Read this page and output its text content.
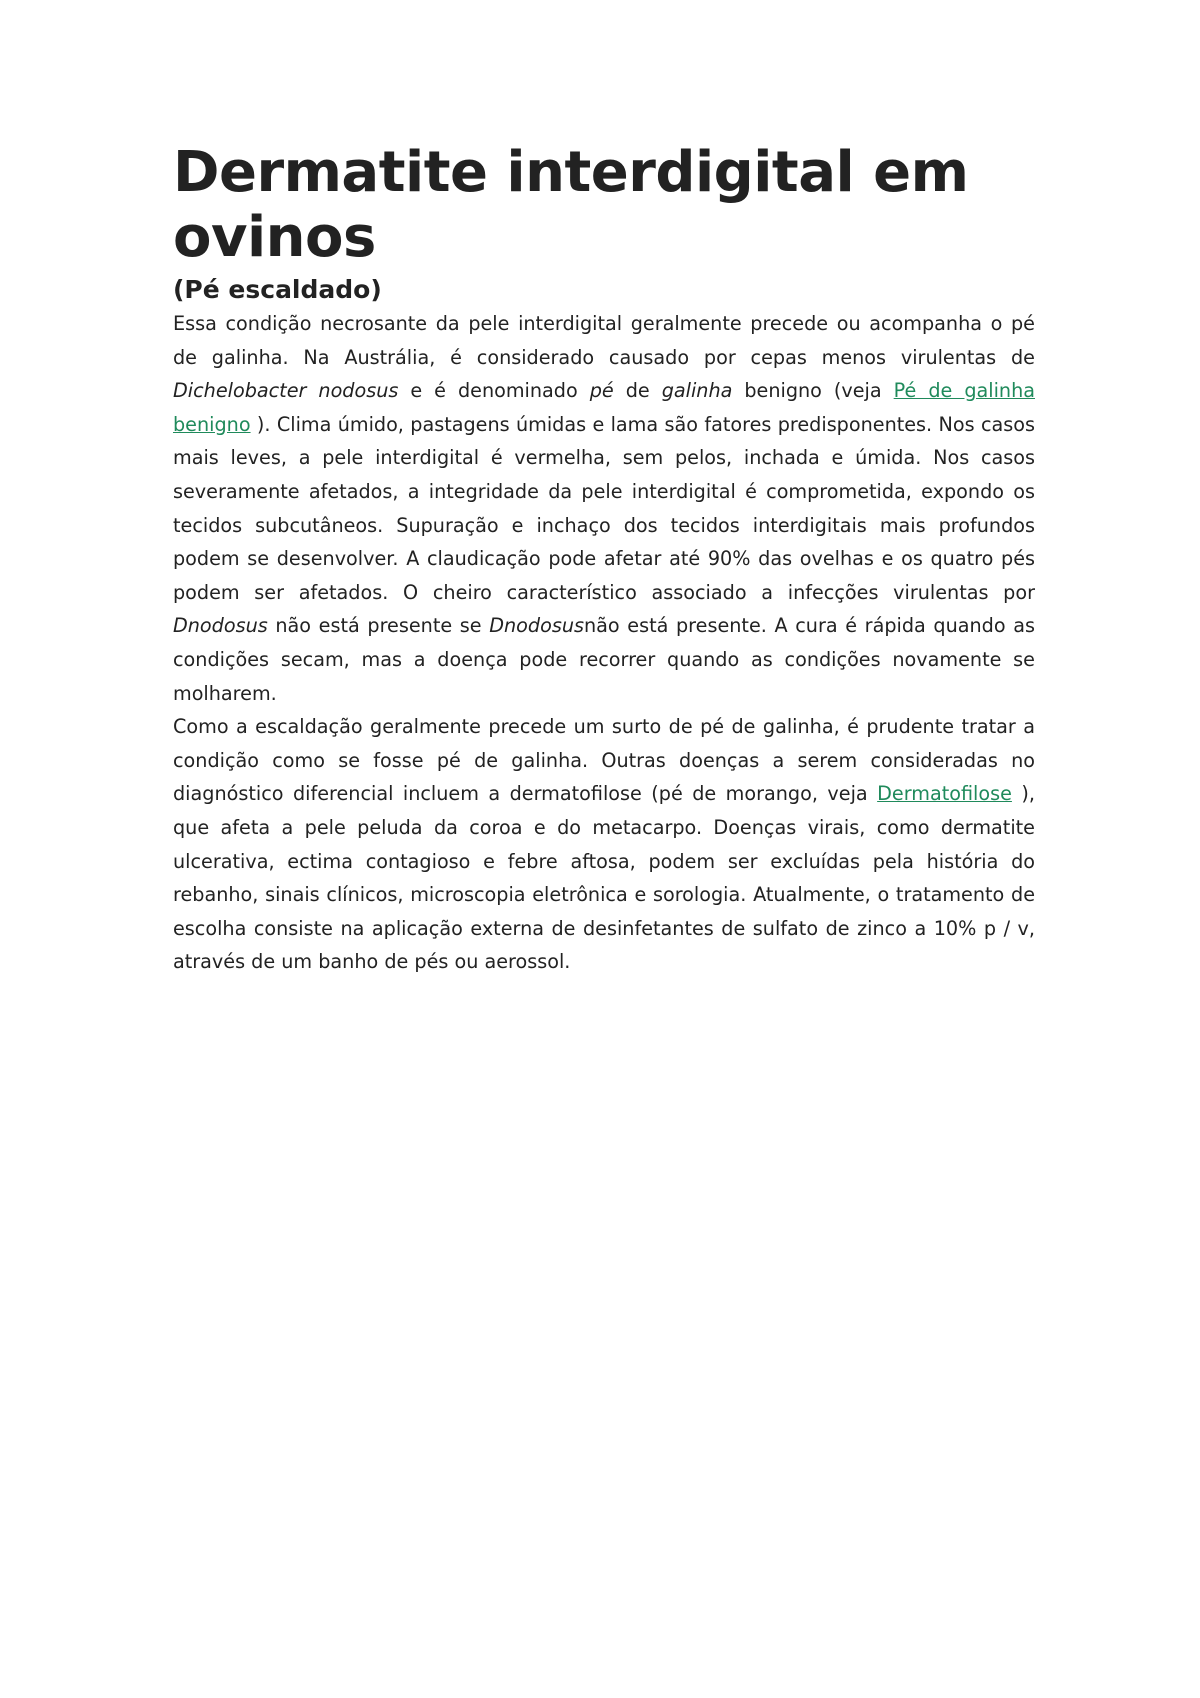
Dermatite interdigital em ovinos
(Pé escaldado)

Essa condição necrosante da pele interdigital geralmente precede ou acompanha o pé de galinha. Na Austrália, é considerado causado por cepas menos virulentas de Dichelobacter nodosus e é denominado pé de galinha benigno (veja Pé de galinha benigno ). Clima úmido, pastagens úmidas e lama são fatores predisponentes. Nos casos mais leves, a pele interdigital é vermelha, sem pelos, inchada e úmida. Nos casos severamente afetados, a integridade da pele interdigital é comprometida, expondo os tecidos subcutâneos. Supuração e inchaço dos tecidos interdigitais mais profundos podem se desenvolver. A claudicação pode afetar até 90% das ovelhas e os quatro pés podem ser afetados. O cheiro característico associado a infecções virulentas por Dnodosus não está presente se Dnodosusnão está presente. A cura é rápida quando as condições secam, mas a doença pode recorrer quando as condições novamente se molharem.

Como a escaldação geralmente precede um surto de pé de galinha, é prudente tratar a condição como se fosse pé de galinha. Outras doenças a serem consideradas no diagnóstico diferencial incluem a dermatofilose (pé de morango, veja Dermatofilose ), que afeta a pele peluda da coroa e do metacarpo. Doenças virais, como dermatite ulcerativa, ectima contagioso e febre aftosa, podem ser excluídas pela história do rebanho, sinais clínicos, microscopia eletrônica e sorologia. Atualmente, o tratamento de escolha consiste na aplicação externa de desinfetantes de sulfato de zinco a 10% p / v, através de um banho de pés ou aerossol.
